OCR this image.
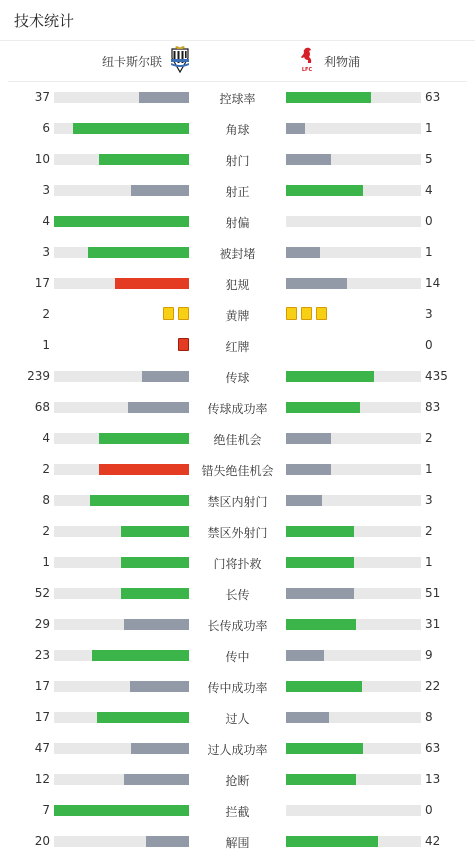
技术统计
纽卡斯尔联
LFC
利物浦
37	控球率	63
6	角球	1
10	射门	5
3	射正	4
4	射偏	0
3	被封堵	1
17	犯规	14
2	黄牌	3
1	红牌	0
239	传球	435
68	传球成功率	83
4	绝佳机会	2
2	错失绝佳机会	1
8	禁区内射门	3
2	禁区外射门	2
1	门将扑救	1
52	长传	51
29	长传成功率	31
23	传中	9
17	传中成功率	22
17	过人	8
47	过人成功率	63
12	抢断	13
7	拦截	0
20	解围	42
